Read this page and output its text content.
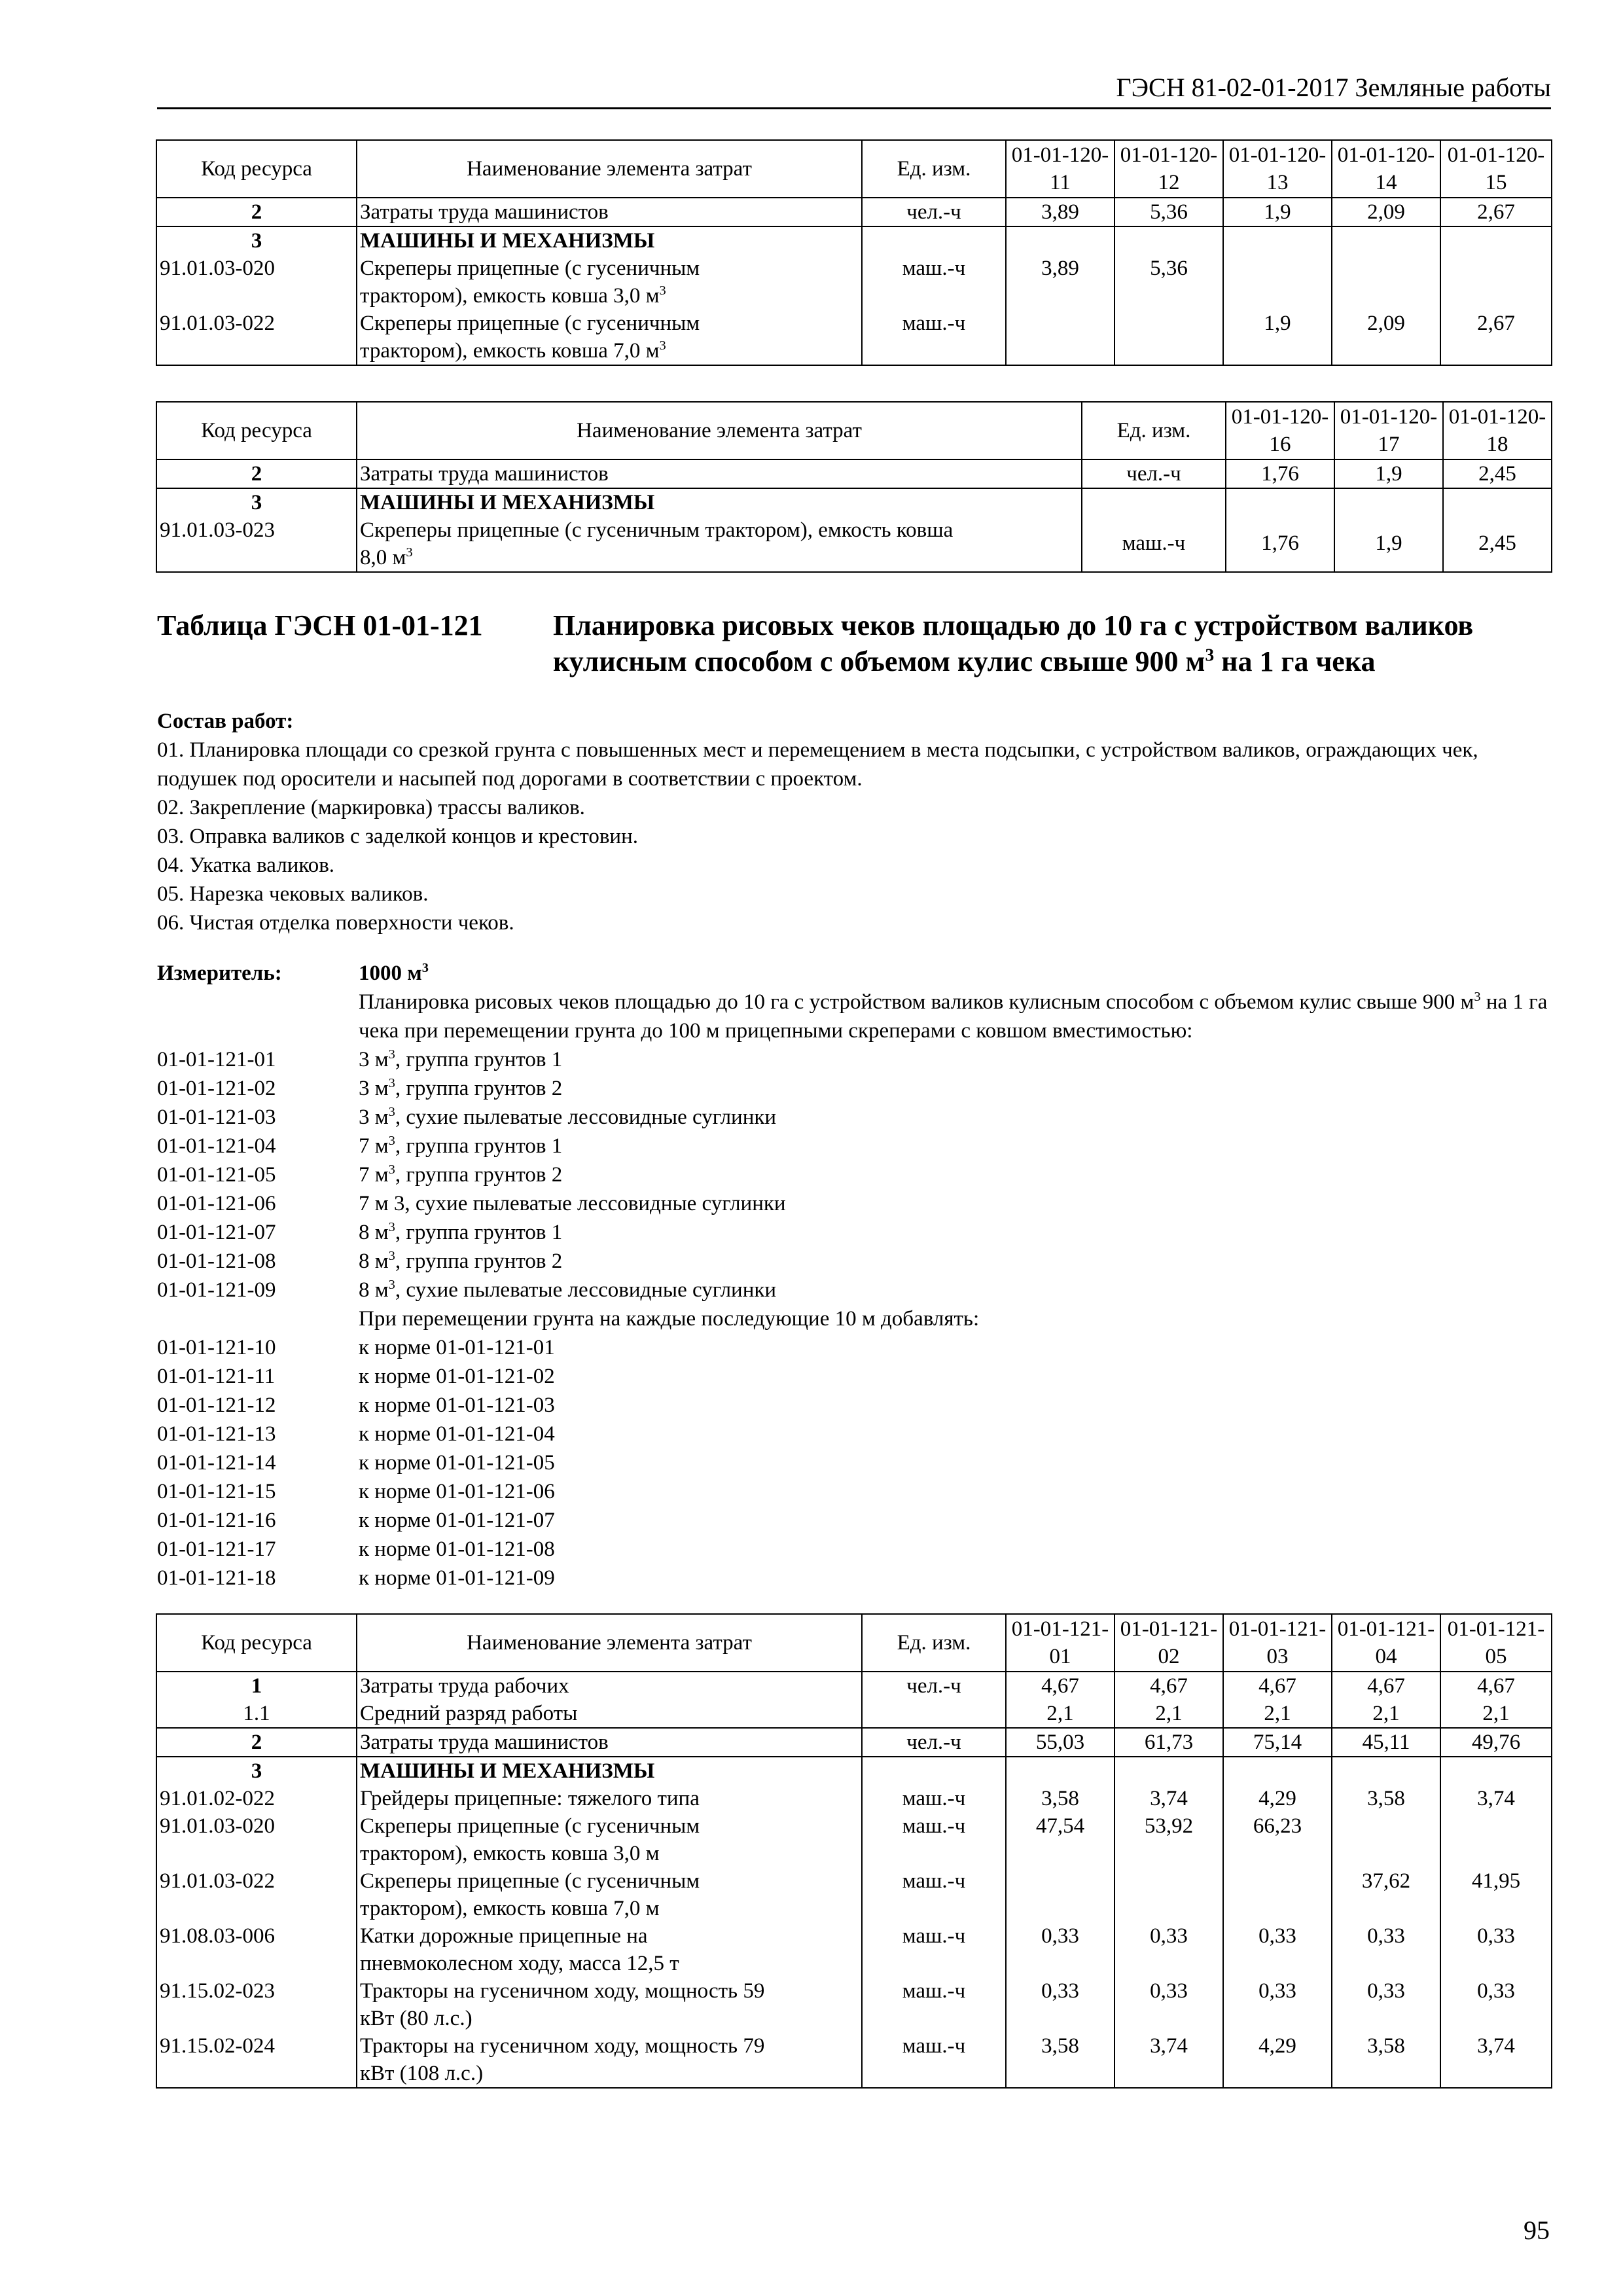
ГЭСН 81-02-01-2017 Земляные работы
Код ресурса	Наименование элемента затрат	Ед. изм.	01-01-120-11	01-01-120-12	01-01-120-13	01-01-120-14	01-01-120-15
2	Затраты труда машинистов	чел.-ч	3,89	5,36	1,9	2,09	2,67
3	МАШИНЫ И МЕХАНИЗМЫ						
91.01.03-020	Скреперы прицепные (с гусеничным
трактором), емкость ковша 3,0 $м^3$	маш.-ч	3,89	5,36			
91.01.03-022	Скреперы прицепные (с гусеничным
трактором), емкость ковша 7,0 $м^3$	маш.-ч			1,9	2,09	2,67
Код ресурса	Наименование элемента затрат	Ед. изм.	01-01-120-16	01-01-120-17	01-01-120-18
2	Затраты труда машинистов	чел.-ч	1,76	1,9	2,45
3	МАШИНЫ И МЕХАНИЗМЫ				
91.01.03-023	Скреперы прицепные (с гусеничным трактором), емкость ковша
8,0 $м^3$	маш.-ч	1,76	1,9	2,45
Таблица ГЭСН 01-01-121 Планировка рисовых чеков площадью до 10 га с устройством валиков кулисным способом с объемом кулис свыше 900 $м^3$ на 1 га чека
Состав работ:
01. Планировка площади со срезкой грунта с повышенных мест и перемещением в места подсыпки, с устройством валиков, ограждающих чек, подушек под оросители и насыпей под дорогами в соответствии с проектом.
02. Закрепление (маркировка) трассы валиков.
03. Оправка валиков с заделкой концов и крестовин.
04. Укатка валиков.
05. Нарезка чековых валиков.
06. Чистая отделка поверхности чеков.
Измеритель:	1000 $м^3$
Планировка рисовых чеков площадью до 10 га с устройством валиков кулисным способом с объемом кулис свыше 900 $м^3$ на 1 га чека при перемещении грунта до 100 м прицепными скреперами с ковшом вместимостью:
01-01-121-01	3 $м^3$, группа грунтов 1
01-01-121-02	3 $м^3$, группа грунтов 2
01-01-121-03	3 $м^3$, сухие пылеватые лессовидные суглинки
01-01-121-04	7 $м^3$, группа грунтов 1
01-01-121-05	7 $м^3$, группа грунтов 2
01-01-121-06	7 м 3, сухие пылеватые лессовидные суглинки
01-01-121-07	8 $м^3$, группа грунтов 1
01-01-121-08	8 $м^3$, группа грунтов 2
01-01-121-09	8 $м^3$, сухие пылеватые лессовидные суглинки
При перемещении грунта на каждые последующие 10 м добавлять:
01-01-121-10	к норме 01-01-121-01
01-01-121-11	к норме 01-01-121-02
01-01-121-12	к норме 01-01-121-03
01-01-121-13	к норме 01-01-121-04
01-01-121-14	к норме 01-01-121-05
01-01-121-15	к норме 01-01-121-06
01-01-121-16	к норме 01-01-121-07
01-01-121-17	к норме 01-01-121-08
01-01-121-18	к норме 01-01-121-09
Код ресурса	Наименование элемента затрат	Ед. изм.	01-01-121-01	01-01-121-02	01-01-121-03	01-01-121-04	01-01-121-05
1	Затраты труда рабочих	чел.-ч	4,67	4,67	4,67	4,67	4,67
1.1	Средний разряд работы		2,1	2,1	2,1	2,1	2,1
2	Затраты труда машинистов	чел.-ч	55,03	61,73	75,14	45,11	49,76
3	МАШИНЫ И МЕХАНИЗМЫ						
91.01.02-022	Грейдеры прицепные: тяжелого типа	маш.-ч	3,58	3,74	4,29	3,58	3,74
91.01.03-020	Скреперы прицепные (с гусеничным
трактором), емкость ковша 3,0 м	маш.-ч	47,54	53,92	66,23		
91.01.03-022	Скреперы прицепные (с гусеничным
трактором), емкость ковша 7,0 м	маш.-ч				37,62	41,95
91.08.03-006	Катки дорожные прицепные на
пневмоколесном ходу, масса 12,5 т	маш.-ч	0,33	0,33	0,33	0,33	0,33
91.15.02-023	Тракторы на гусеничном ходу, мощность 59
кВт (80 л.с.)	маш.-ч	0,33	0,33	0,33	0,33	0,33
91.15.02-024	Тракторы на гусеничном ходу, мощность 79
кВт (108 л.с.)	маш.-ч	3,58	3,74	4,29	3,58	3,74
95
